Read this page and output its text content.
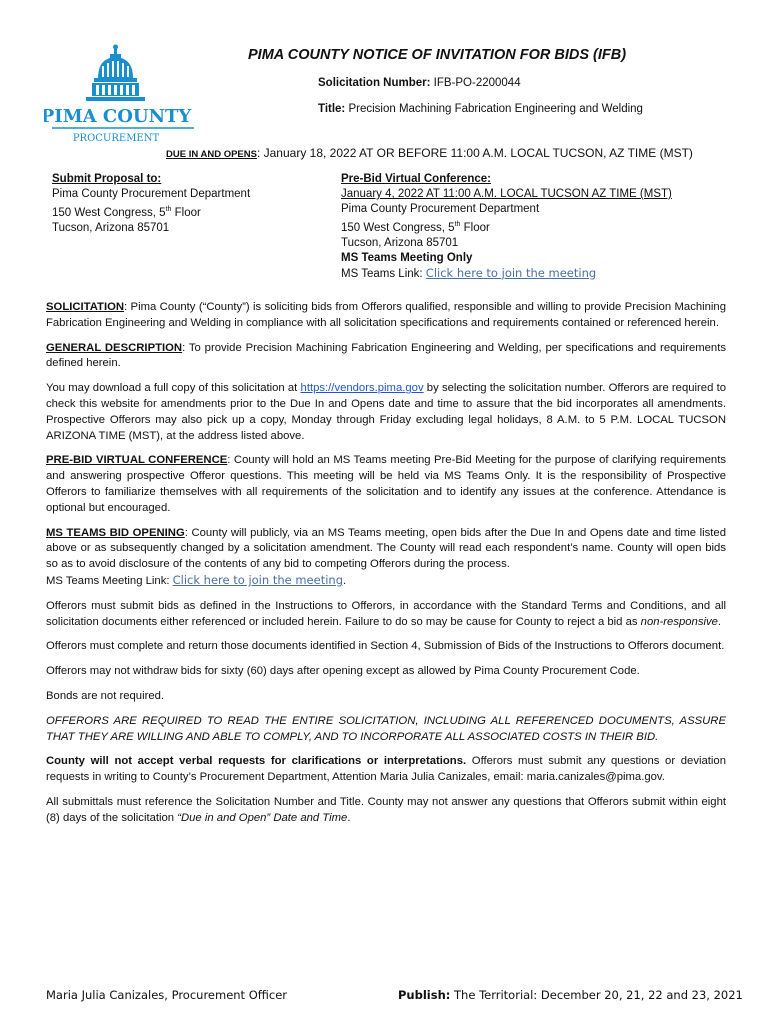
PIMA COUNTY
PROCUREMENT
PIMA COUNTY NOTICE OF INVITATION FOR BIDS (IFB)
Solicitation Number: IFB-PO-2200044
Title: Precision Machining Fabrication Engineering and Welding
DUE IN AND OPENS: January 18, 2022 AT OR BEFORE 11:00 A.M. LOCAL TUCSON, AZ TIME (MST)
Submit Proposal to:
Pima County Procurement Department
150 West Congress, 5th Floor
Tucson, Arizona 85701
Pre-Bid Virtual Conference:
January 4, 2022 AT 11:00 A.M. LOCAL TUCSON AZ TIME (MST)
Pima County Procurement Department
150 West Congress, 5th Floor
Tucson, Arizona 85701
MS Teams Meeting Only
MS Teams Link: Click here to join the meeting

SOLICITATION: Pima County (“County”) is soliciting bids from Offerors qualified, responsible and willing to provide Precision Machining Fabrication Engineering and Welding in compliance with all solicitation specifications and requirements contained or referenced herein.

GENERAL DESCRIPTION: To provide Precision Machining Fabrication Engineering and Welding, per specifications and requirements defined herein.

You may download a full copy of this solicitation at https://vendors.pima.gov by selecting the solicitation number. Offerors are required to check this website for amendments prior to the Due In and Opens date and time to assure that the bid incorporates all amendments. Prospective Offerors may also pick up a copy, Monday through Friday excluding legal holidays, 8 A.M. to 5 P.M. LOCAL TUCSON ARIZONA TIME (MST), at the address listed above.

PRE-BID VIRTUAL CONFERENCE: County will hold an MS Teams meeting Pre-Bid Meeting for the purpose of clarifying requirements and answering prospective Offeror questions. This meeting will be held via MS Teams Only. It is the responsibility of Prospective Offerors to familiarize themselves with all requirements of the solicitation and to identify any issues at the conference. Attendance is optional but encouraged.

MS TEAMS BID OPENING: County will publicly, via an MS Teams meeting, open bids after the Due In and Opens date and time listed above or as subsequently changed by a solicitation amendment. The County will read each respondent’s name. County will open bids so as to avoid disclosure of the contents of any bid to competing Offerors during the process.
MS Teams Meeting Link: Click here to join the meeting.

Offerors must submit bids as defined in the Instructions to Offerors, in accordance with the Standard Terms and Conditions, and all solicitation documents either referenced or included herein. Failure to do so may be cause for County to reject a bid as non-responsive.

Offerors must complete and return those documents identified in Section 4, Submission of Bids of the Instructions to Offerors document.

Offerors may not withdraw bids for sixty (60) days after opening except as allowed by Pima County Procurement Code.

Bonds are not required.

OFFERORS ARE REQUIRED TO READ THE ENTIRE SOLICITATION, INCLUDING ALL REFERENCED DOCUMENTS, ASSURE THAT THEY ARE WILLING AND ABLE TO COMPLY, AND TO INCORPORATE ALL ASSOCIATED COSTS IN THEIR BID.

County will not accept verbal requests for clarifications or interpretations. Offerors must submit any questions or deviation requests in writing to County’s Procurement Department, Attention Maria Julia Canizales, email: maria.canizales@pima.gov.

All submittals must reference the Solicitation Number and Title. County may not answer any questions that Offerors submit within eight (8) days of the solicitation “Due in and Open” Date and Time.

Maria Julia Canizales, Procurement Officer	Publish: The Territorial: December 20, 21, 22 and 23, 2021
